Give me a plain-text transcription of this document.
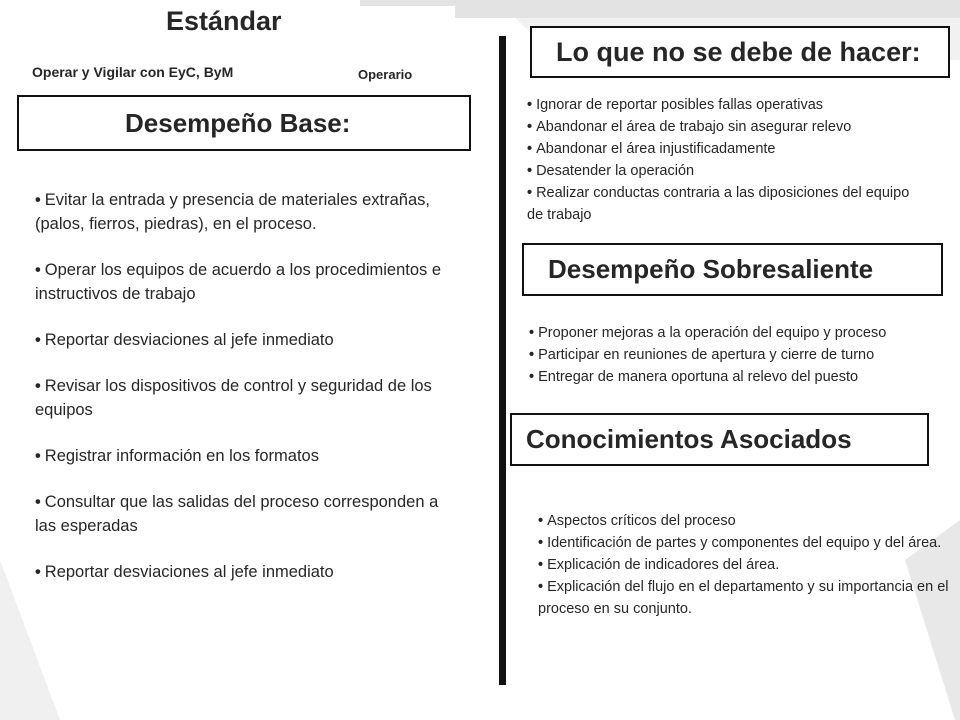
Estándar
Operar y Vigilar con EyC, ByM	Operario
Desempeño Base:
• Evitar la entrada y presencia de materiales extrañas, (palos, fierros, piedras), en el proceso.
• Operar los equipos de acuerdo a los procedimientos e instructivos de trabajo
• Reportar desviaciones al jefe inmediato
• Revisar los dispositivos de control y seguridad de los equipos
• Registrar información en los formatos
• Consultar que las salidas del proceso corresponden a las esperadas
• Reportar desviaciones al jefe inmediato
Lo que no se debe de hacer:
• Ignorar de reportar posibles fallas operativas
• Abandonar el área de trabajo sin asegurar relevo
• Abandonar el área injustificadamente
• Desatender la operación
• Realizar conductas contraria a las diposiciones del equipo de trabajo
Desempeño Sobresaliente
• Proponer mejoras a la operación del equipo y proceso
• Participar en reuniones de apertura y cierre de turno
• Entregar de manera oportuna al relevo del puesto
Conocimientos Asociados
• Aspectos críticos del proceso
• Identificación de partes y componentes del equipo y del área.
• Explicación de indicadores del área.
• Explicación del flujo en el departamento y su importancia en el proceso en su conjunto.
